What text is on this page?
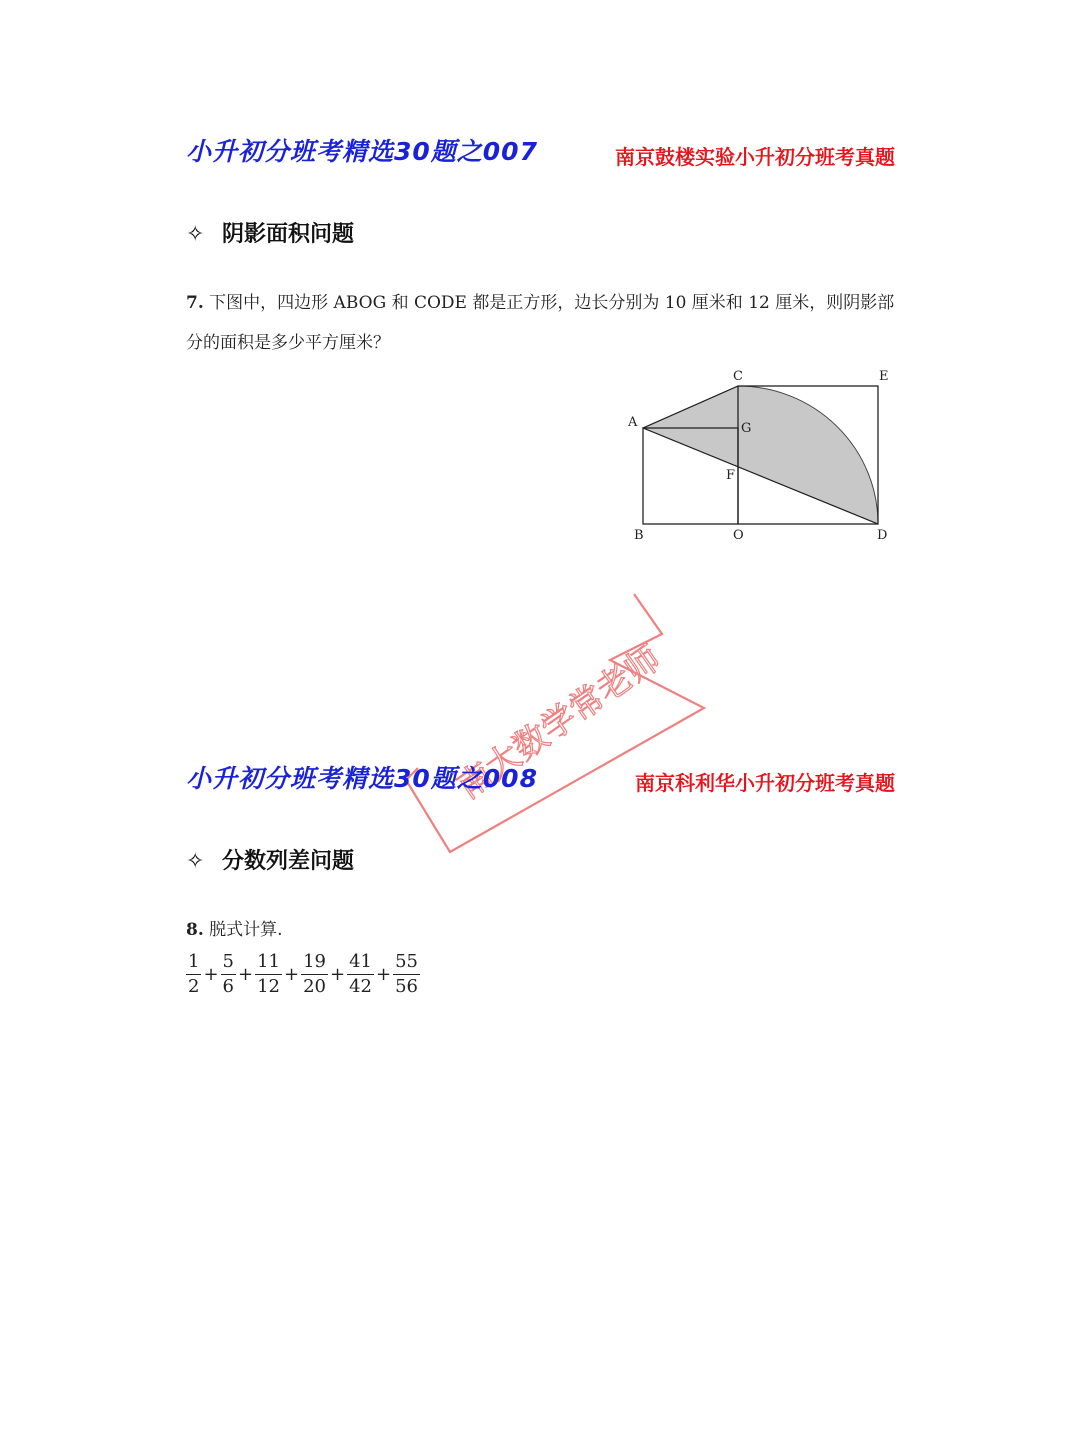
小升初分班考精选30题之007	南京鼓楼实验小升初分班考真题
✧ 阴影面积问题
7. 下图中，四边形 ABOG 和 CODE 都是正方形，边长分别为 10 厘米和 12 厘米，则阴影部分的面积是多少平方厘米？
A
B
C	E
G
F
O	D
南大数学常老师
小升初分班考精选30题之008	南京科利华小升初分班考真题
✧ 分数列差问题
8. 脱式计算.
$\frac{1}{2} + \frac{5}{6} + \frac{11}{12} + \frac{19}{20} + \frac{41}{42} + \frac{55}{56}$
